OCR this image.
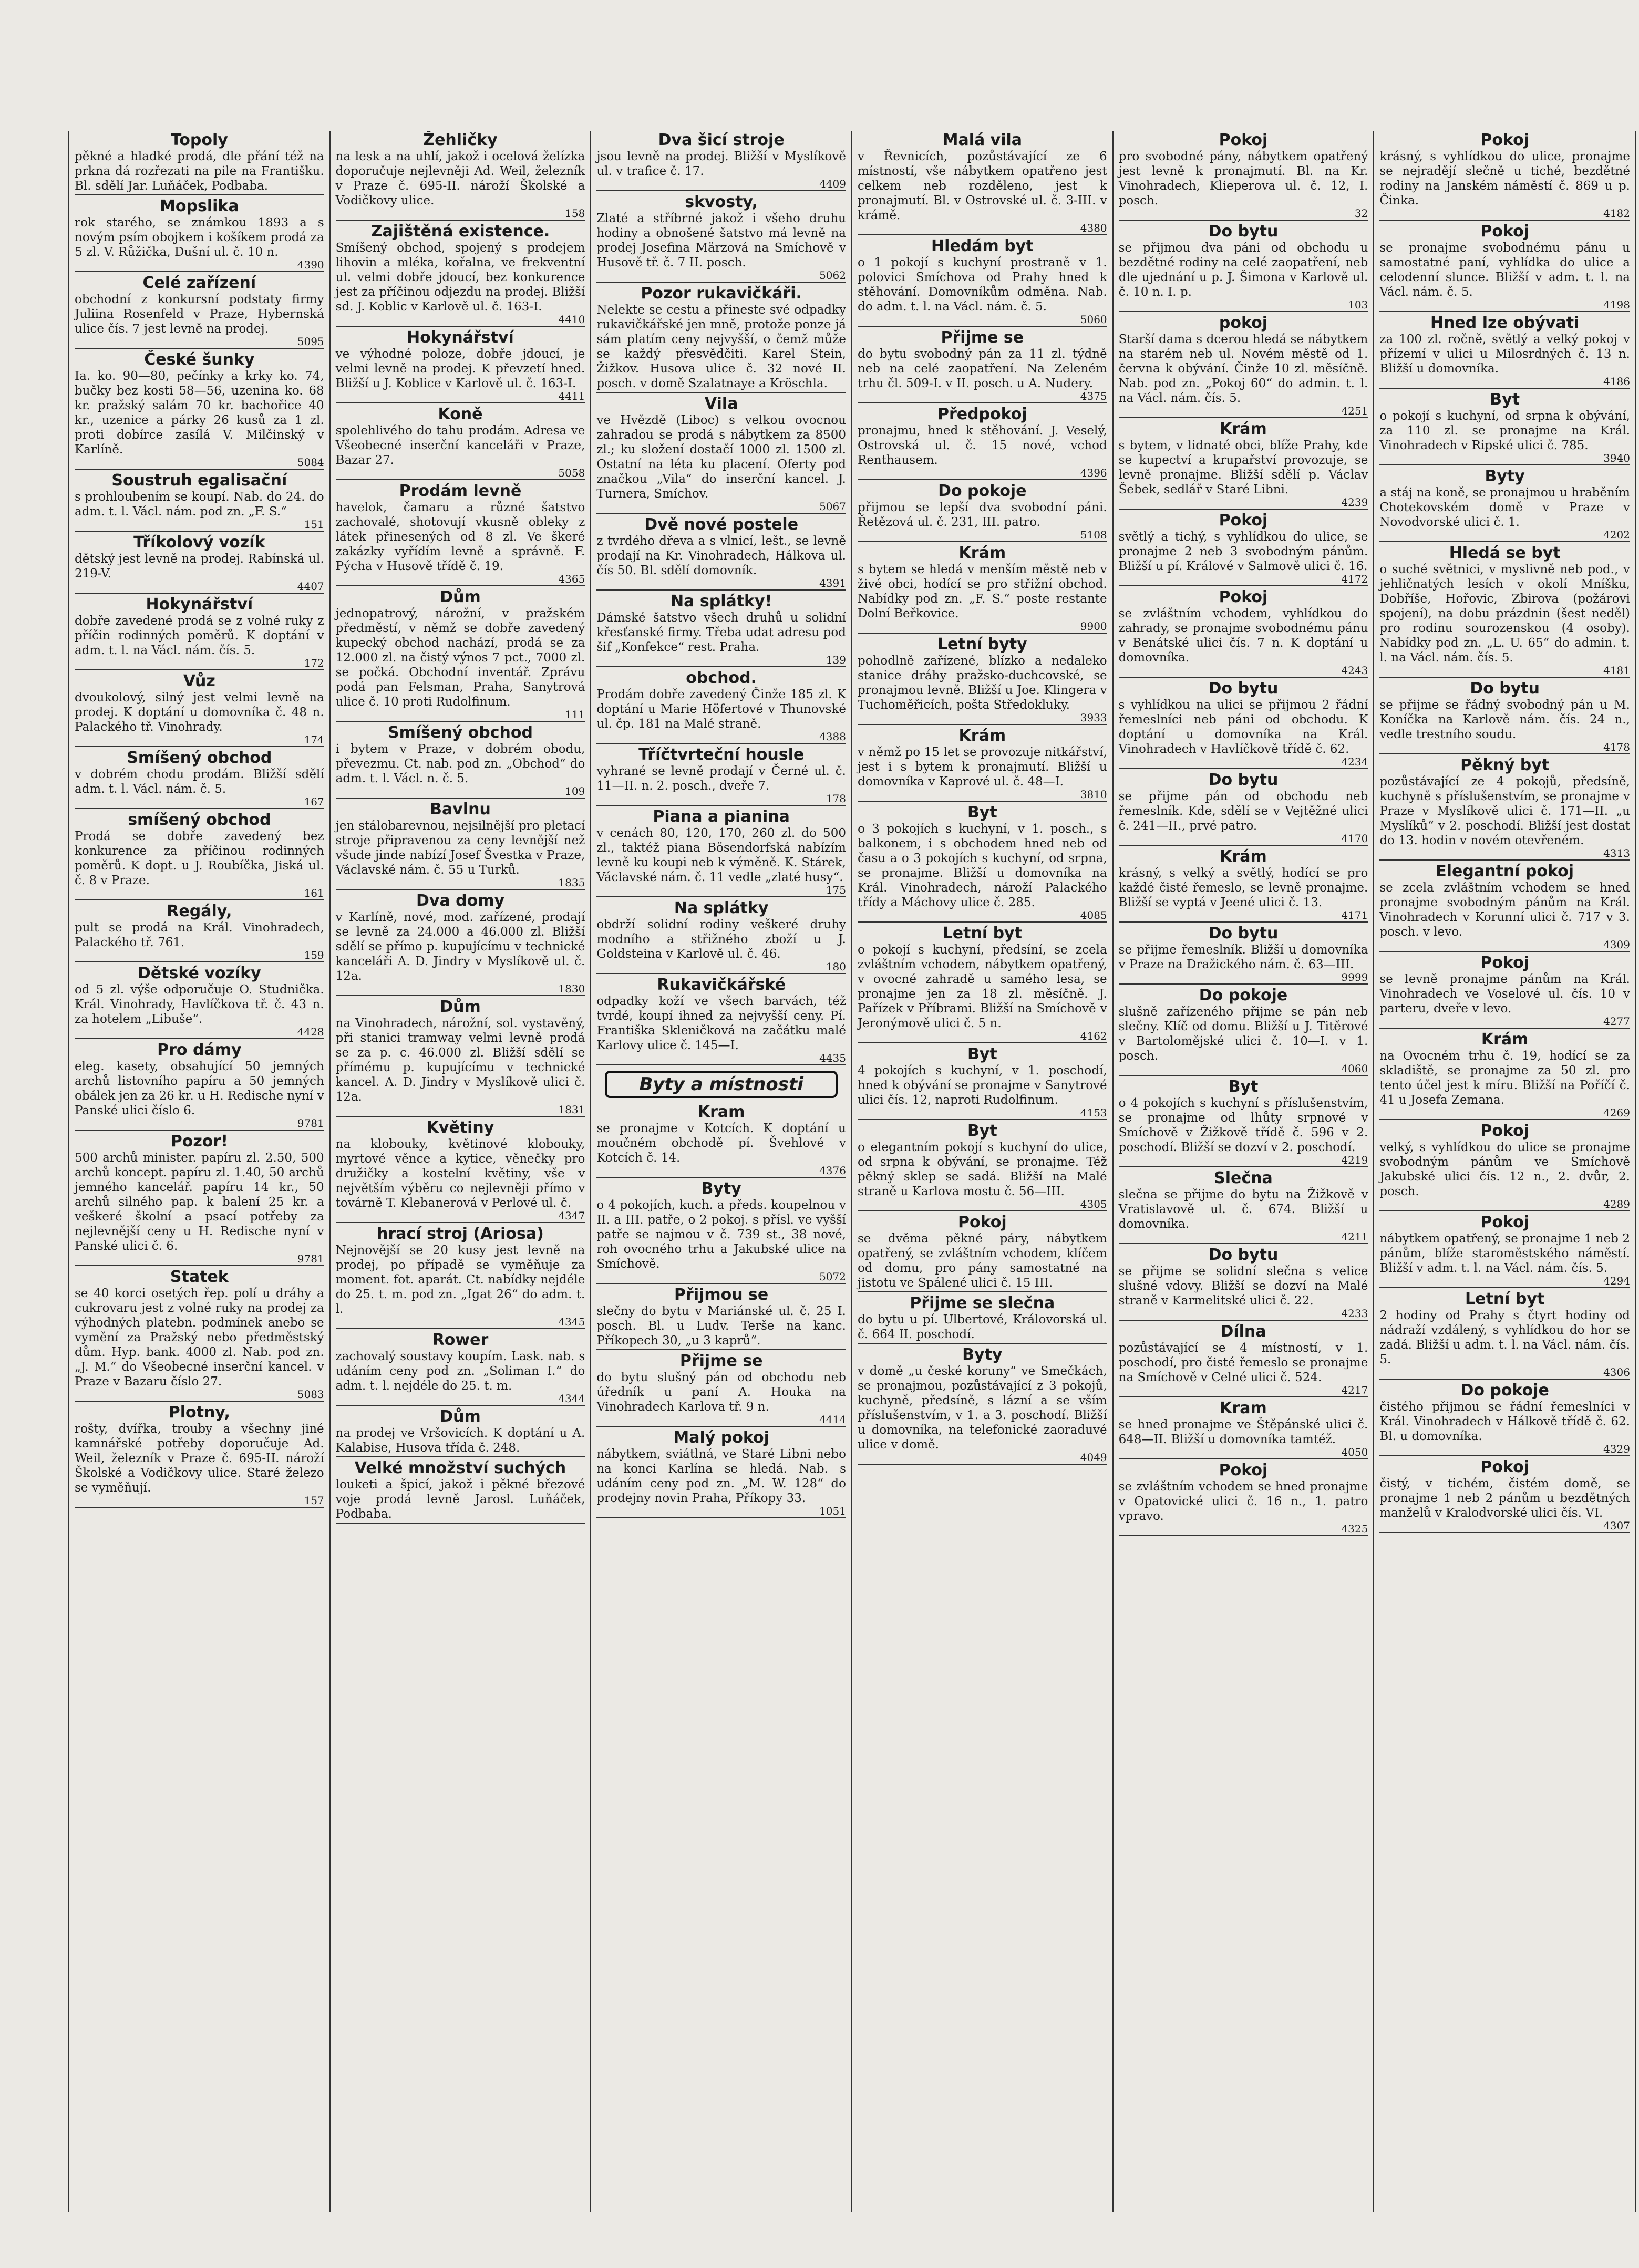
Topoly

pěkné a hladké prodá, dle přání též na prkna dá rozřezati na pile na Františku. Bl. sdělí Jar. Luňáček, Podbaba.

Mopslika

rok starého, se známkou 1893 a s novým psím obojkem i košíkem prodá za 5 zl. V. Růžička, Dušní ul. č. 10 n.

4390
Celé zařízení

obchodní z konkursní podstaty firmy Juliina Rosenfeld v Praze, Hybernská ulice čís. 7 jest levně na prodej.

5095
České šunky

Ia. ko. 90—80, pečínky a krky ko. 74, bučky bez kosti 58—56, uzenina ko. 68 kr. pražský salám 70 kr. bachořice 40 kr., uzenice a párky 26 kusů za 1 zl. proti dobírce zasílá V. Milčinský v Karlíně.

5084
Soustruh egalisační

s prohloubením se koupí. Nab. do 24. do adm. t. l. Václ. nám. pod zn. „F. S.“

151
Tříkolový vozík

dětský jest levně na prodej. Rabínská ul. 219-V.

4407
Hokynářství

dobře zavedené prodá se z volné ruky z příčin rodinných poměrů. K doptání v adm. t. l. na Václ. nám. čís. 5.

172
Vůz

dvoukolový, silný jest velmi levně na prodej. K doptání u domovníka č. 48 n. Palackého tř. Vinohrady.

174
Smíšený obchod

v dobrém chodu prodám. Bližší sdělí adm. t. l. Václ. nám. č. 5.

167
smíšený obchod

Prodá se dobře zavedený bez konkurence za příčinou rodinných poměrů. K dopt. u J. Roubíčka, Jiská ul. č. 8 v Praze.

161
Regály,

pult se prodá na Král. Vinohradech, Palackého tř. 761.

159
Dětské vozíky

od 5 zl. výše odporučuje O. Studnička. Král. Vinohrady, Havlíčkova tř. č. 43 n. za hotelem „Libuše“.

4428
Pro dámy

eleg. kasety, obsahující 50 jemných archů listovního papíru a 50 jemných obálek jen za 26 kr. u H. Redische nyní v Panské ulici číslo 6.

9781
Pozor!

500 archů minister. papíru zl. 2.50, 500 archů koncept. papíru zl. 1.40, 50 archů jemného kancelář. papíru 14 kr., 50 archů silného pap. k balení 25 kr. a veškeré školní a psací potřeby za nejlevnější ceny u H. Redische nyní v Panské ulici č. 6.

9781
Statek

se 40 korci osetých řep. polí u dráhy a cukrovaru jest z volné ruky na prodej za výhodných platebn. podmínek anebo se vymění za Pražský nebo předměstský dům. Hyp. bank. 4000 zl. Nab. pod zn. „J. M.“ do Všeobecné inserční kancel. v Praze v Bazaru číslo 27.

5083
Plotny,

rošty, dvířka, trouby a všechny jiné kamnářské potřeby doporučuje Ad. Weil, železník v Praze č. 695-II. nároží Školské a Vodičkovy ulice. Staré železo se vyměňují.

157
Žehličky

na lesk a na uhlí, jakož i ocelová želízka doporučuje nejlevněji Ad. Weil, železník v Praze č. 695-II. nároží Školské a Vodičkovy ulice.

158
Zajištěná existence.

Smíšený obchod, spojený s prodejem lihovin a mléka, kořalna, ve frekventní ul. velmi dobře jdoucí, bez konkurence jest za příčinou odjezdu na prodej. Bližší sd. J. Koblic v Karlově ul. č. 163-I.

4410
Hokynářství

ve výhodné poloze, dobře jdoucí, je velmi levně na prodej. K převzetí hned. Bližší u J. Koblice v Karlově ul. č. 163-I.

4411
Koně

spolehlivého do tahu prodám. Adresa ve Všeobecné inserční kanceláři v Praze, Bazar 27.

5058
Prodám levně

havelok, čamaru a různé šatstvo zachovalé, shotovují vkusně obleky z látek přinesených od 8 zl. Ve škeré zakázky vyřídím levně a správně. F. Pýcha v Husově třídě č. 19.

4365
Dům

jednopatrový, nárožní, v pražském předměstí, v němž se dobře zavedený kupecký obchod nachází, prodá se za 12.000 zl. na čistý výnos 7 pct., 7000 zl. se počká. Obchodní inventář. Zprávu podá pan Felsman, Praha, Sanytrová ulice č. 10 proti Rudolfinum.

111
Smíšený obchod

i bytem v Praze, v dobrém obodu, převezmu. Ct. nab. pod zn. „Obchod“ do adm. t. l. Václ. n. č. 5.

109
Bavlnu

jen stálobarevnou, nejsilnější pro pletací stroje připravenou za ceny levnější než všude jinde nabízí Josef Švestka v Praze, Václavské nám. č. 55 u Turků.

1835
Dva domy

v Karlíně, nové, mod. zařízené, prodají se levně za 24.000 a 46.000 zl. Bližší sdělí se přímo p. kupujícímu v technické kanceláři A. D. Jindry v Myslíkově ul. č. 12a.

1830
Dům

na Vinohradech, nárožní, sol. vystavěný, při stanici tramway velmi levně prodá se za p. c. 46.000 zl. Bližší sdělí se přímému p. kupujícímu v technické kancel. A. D. Jindry v Myslíkově ulici č. 12a.

1831
Květiny

na klobouky, květinové klobouky, myrtové věnce a kytice, věnečky pro družičky a kostelní květiny, vše v největším výběru co nejlevněji přímo v továrně T. Klebanerová v Perlové ul. č.

4347
hrací stroj (Ariosa)

Nejnovější se 20 kusy jest levně na prodej, po případě se vyměňuje za moment. fot. aparát. Ct. nabídky nejdéle do 25. t. m. pod zn. „Igat 26“ do adm. t. l.

4345
Rower

zachovalý soustavy koupím. Lask. nab. s udáním ceny pod zn. „Soliman I.“ do adm. t. l. nejdéle do 25. t. m.

4344
Dům

na prodej ve Vršovicích. K doptání u A. Kalabise, Husova třída č. 248.

Velké množství suchých

louketi a špicí, jakož i pěkné březové voje prodá levně Jarosl. Luňáček, Podbaba.

Dva šicí stroje

jsou levně na prodej. Bližší v Myslíkově ul. v trafice č. 17.

4409
skvosty,

Zlaté a stříbrné jakož i všeho druhu hodiny a obnošené šatstvo má levně na prodej Josefina Märzová na Smíchově v Husově tř. č. 7 II. posch.

5062
Pozor rukavičkáři.

Nelekte se cestu a přineste své odpadky rukavičkářské jen mně, protože ponze já sám platím ceny nejvyšší, o čemž může se každý přesvědčiti. Karel Stein, Žižkov. Husova ulice č. 32 nové II. posch. v domě Szalatnaye a Kröschla.

Vila

ve Hvězdě (Liboc) s velkou ovocnou zahradou se prodá s nábytkem za 8500 zl.; ku složení dostačí 1000 zl. 1500 zl. Ostatní na léta ku placení. Oferty pod značkou „Vila“ do inserční kancel. J. Turnera, Smíchov.

5067
Dvě nové postele

z tvrdého dřeva a s vlnicí, lešt., se levně prodají na Kr. Vinohradech, Hálkova ul. čís 50. Bl. sdělí domovník.

4391
Na splátky!

Dámské šatstvo všech druhů u solidní křesťanské firmy. Třeba udat adresu pod šif „Konfekce“ rest. Praha.

139
obchod.

Prodám dobře zavedený Činže 185 zl. K doptání u Marie Höfertové v Thunovské ul. čp. 181 na Malé straně.

4388
Tříčtvrteční housle

vyhrané se levně prodají v Černé ul. č. 11—II. n. 2. posch., dveře 7.

178
Piana a pianina

v cenách 80, 120, 170, 260 zl. do 500 zl., taktéž piana Bösendorfská nabízím levně ku koupi neb k výměně. K. Stárek, Václavské nám. č. 11 vedle „zlaté husy“.

175
Na splátky

obdrží solidní rodiny veškeré druhy modního a střižného zboží u J. Goldsteina v Karlově ul. č. 46.

180
Rukavičkářské

odpadky koží ve všech barvách, též tvrdé, koupí ihned za nejvyšší ceny. Pí. Františka Skleničková na začátku malé Karlovy ulice č. 145—I.

4435
Byty a místnosti
Kram

se pronajme v Kotcích. K doptání u moučném obchodě pí. Švehlové v Kotcích č. 14.

4376
Byty

o 4 pokojích, kuch. a předs. koupelnou v II. a III. patře, o 2 pokoj. s přísl. ve vyšší patře se najmou v č. 739 st., 38 nové, roh ovocného trhu a Jakubské ulice na Smíchově.

5072
Přijmou se

slečny do bytu v Mariánské ul. č. 25 I. posch. Bl. u Ludv. Terše na kanc. Příkopech 30, „u 3 kaprů“.

Přijme se

do bytu slušný pán od obchodu neb úředník u paní A. Houka na Vinohradech Karlova tř. 9 n.

4414
Malý pokoj

nábytkem, sviátlná, ve Staré Libni nebo na konci Karlína se hledá. Nab. s udáním ceny pod zn. „M. W. 128“ do prodejny novin Praha, Příkopy 33.

1051
Malá vila

v Řevnicích, pozůstávající ze 6 místností, vše nábytkem opatřeno jest celkem neb rozděleno, jest k pronajmutí. Bl. v Ostrovské ul. č. 3-III. v krámě.

4380
Hledám byt

o 1 pokojí s kuchyní prostraně v 1. polovici Smíchova od Prahy hned k stěhování. Domovníkům odměna. Nab. do adm. t. l. na Václ. nám. č. 5.

5060
Přijme se

do bytu svobodný pán za 11 zl. týdně neb na celé zaopatření. Na Zeleném trhu čl. 509-I. v II. posch. u A. Nudery.

4375
Předpokoj

pronajmu, hned k stěhování. J. Veselý, Ostrovská ul. č. 15 nové, vchod Renthausem.

4396
Do pokoje

přijmou se lepší dva svobodní páni. Řetězová ul. č. 231, III. patro.

5108
Krám

s bytem se hledá v menším městě neb v živé obci, hodící se pro střižní obchod. Nabídky pod zn. „F. S.“ poste restante Dolní Beřkovice.

9900
Letní byty

pohodlně zařízené, blízko a nedaleko stanice dráhy pražsko-duchcovské, se pronajmou levně. Bližší u Joe. Klingera v Tuchoměřicích, pošta Středokluky.

3933
Krám

v němž po 15 let se provozuje nitkářství, jest i s bytem k pronajmutí. Bližší u domovníka v Kaprové ul. č. 48—I.

3810
Byt

o 3 pokojích s kuchyní, v 1. posch., s balkonem, i s obchodem hned neb od času a o 3 pokojích s kuchyní, od srpna, se pronajme. Bližší u domovníka na Král. Vinohradech, nároží Palackého třídy a Máchovy ulice č. 285.

4085
Letní byt

o pokojí s kuchyní, předsíní, se zcela zvláštním vchodem, nábytkem opatřený, v ovocné zahradě u samého lesa, se pronajme jen za 18 zl. měsíčně. J. Pařízek v Příbrami. Bližší na Smíchově v Jeronýmově ulici č. 5 n.

4162
Byt

4 pokojích s kuchyní, v 1. poschodí, hned k obývání se pronajme v Sanytrové ulici čís. 12, naproti Rudolfinum.

4153
Byt

o elegantním pokojí s kuchyní do ulice, od srpna k obývání, se pronajme. Též pěkný sklep se sadá. Bližší na Malé straně u Karlova mostu č. 56—III.

4305
Pokoj

se dvěma pěkné páry, nábytkem opatřený, se zvláštním vchodem, klíčem od domu, pro pány samostatné na jistotu ve Spálené ulici č. 15 III.

Přijme se slečna

do bytu u pí. Ulbertové, Královorská ul. č. 664 II. poschodí.

Byty

v domě „u české koruny“ ve Smečkách, se pronajmou, pozůstávající z 3 pokojů, kuchyně, předsíně, s lázní a se vším příslušenstvím, v 1. a 3. poschodí. Bližší u domovníka, na telefonické zaoraduvé ulice v domě.

4049
Pokoj

pro svobodné pány, nábytkem opatřený jest levně k pronajmutí. Bl. na Kr. Vinohradech, Klieperova ul. č. 12, I. posch.

32
Do bytu

se přijmou dva páni od obchodu u bezdětné rodiny na celé zaopatření, neb dle ujednání u p. J. Šimona v Karlově ul. č. 10 n. I. p.

103
pokoj

Starší dama s dcerou hledá se nábytkem na starém neb ul. Novém městě od 1. června k obývání. Činže 10 zl. měsíčně. Nab. pod zn. „Pokoj 60“ do admin. t. l. na Václ. nám. čís. 5.

4251
Krám

s bytem, v lidnaté obci, blíže Prahy, kde se kupectví a krupařství provozuje, se levně pronajme. Bližší sdělí p. Václav Šebek, sedlář v Staré Libni.

4239
Pokoj

světlý a tichý, s vyhlídkou do ulice, se pronajme 2 neb 3 svobodným pánům. Bližší u pí. Králové v Salmově ulici č. 16.

4172
Pokoj

se zvláštním vchodem, vyhlídkou do zahrady, se pronajme svobodnému pánu v Benátské ulici čís. 7 n. K doptání u domovníka.

4243
Do bytu

s vyhlídkou na ulici se přijmou 2 řádní řemeslníci neb páni od obchodu. K doptání u domovníka na Král. Vinohradech v Havlíčkově třídě č. 62.

4234
Do bytu

se přijme pán od obchodu neb řemeslník. Kde, sdělí se v Vejtěžné ulici č. 241—II., prvé patro.

4170
Krám

krásný, s velký a světlý, hodící se pro každé čisté řemeslo, se levně pronajme. Bližší se vyptá v Jeené ulici č. 13.

4171
Do bytu

se přijme řemeslník. Bližší u domovníka v Praze na Dražického nám. č. 63—III.

9999
Do pokoje

slušně zařízeného přijme se pán neb slečny. Klíč od domu. Bližší u J. Titěrové v Bartolomějské ulici č. 10—I. v 1. posch.

4060
Byt

o 4 pokojích s kuchyní s příslušenstvím, se pronajme od lhůty srpnové v Smíchově v Žižkově třídě č. 596 v 2. poschodí. Bližší se dozví v 2. poschodí.

4219
Slečna

slečna se přijme do bytu na Žižkově v Vratislavově ul. č. 674. Bližší u domovníka.

4211
Do bytu

se přijme se solidní slečna s velice slušné vdovy. Bližší se dozví na Malé straně v Karmelitské ulici č. 22.

4233
Dílna

pozůstávající se 4 místností, v 1. poschodí, pro čisté řemeslo se pronajme na Smíchově v Celné ulici č. 524.

4217
Kram

se hned pronajme ve Štěpánské ulici č. 648—II. Bližší u domovníka tamtéž.

4050
Pokoj

se zvláštním vchodem se hned pronajme v Opatovické ulici č. 16 n., 1. patro vpravo.

4325
Pokoj

krásný, s vyhlídkou do ulice, pronajme se nejradějí slečně u tiché, bezdětné rodiny na Janském náměstí č. 869 u p. Činka.

4182
Pokoj

se pronajme svobodnému pánu u samostatné paní, vyhlídka do ulice a celodenní slunce. Bližší v adm. t. l. na Václ. nám. č. 5.

4198
Hned lze obývati

za 100 zl. ročně, světlý a velký pokoj v přízemí v ulici u Milosrdných č. 13 n. Bližší u domovníka.

4186
Byt

o pokojí s kuchyní, od srpna k obývání, za 110 zl. se pronajme na Král. Vinohradech v Ripské ulici č. 785.

3940
Byty

a stáj na koně, se pronajmou u hraběním Chotekovském domě v Praze v Novodvorské ulici č. 1.

4202
Hledá se byt

o suché světnici, v myslivně neb pod., v jehličnatých lesích v okolí Mníšku, Dobříše, Hořovic, Zbirova (požárovi spojení), na dobu prázdnin (šest neděl) pro rodinu sourozenskou (4 osoby). Nabídky pod zn. „L. U. 65“ do admin. t. l. na Václ. nám. čís. 5.

4181
Do bytu

se přijme se řádný svobodný pán u M. Koníčka na Karlově nám. čís. 24 n., vedle trestního soudu.

4178
Pěkný byt

pozůstávající ze 4 pokojů, předsíně, kuchyně s příslušenstvím, se pronajme v Praze v Myslíkově ulici č. 171—II. „u Myslíků“ v 2. poschodí. Bližší jest dostat do 13. hodin v novém otevřeném.

4313
Elegantní pokoj

se zcela zvláštním vchodem se hned pronajme svobodným pánům na Král. Vinohradech v Korunní ulici č. 717 v 3. posch. v levo.

4309
Pokoj

se levně pronajme pánům na Král. Vinohradech ve Voselové ul. čís. 10 v parteru, dveře v levo.

4277
Krám

na Ovocném trhu č. 19, hodící se za skladiště, se pronajme za 50 zl. pro tento účel jest k míru. Bližší na Poříčí č. 41 u Josefa Zemana.

4269
Pokoj

velký, s vyhlídkou do ulice se pronajme svobodným pánům ve Smíchově Jakubské ulici čís. 12 n., 2. dvůr, 2. posch.

4289
Pokoj

nábytkem opatřený, se pronajme 1 neb 2 pánům, blíže staroměstského náměstí. Bližší v adm. t. l. na Václ. nám. čís. 5.

4294
Letní byt

2 hodiny od Prahy s čtyrt hodiny od nádraží vzdálený, s vyhlídkou do hor se zadá. Bližší u adm. t. l. na Václ. nám. čís. 5.

4306
Do pokoje

čistého přijmou se řádní řemeslníci v Král. Vinohradech v Hálkově třídě č. 62. Bl. u domovníka.

4329
Pokoj

čistý, v tichém, čistém domě, se pronajme 1 neb 2 pánům u bezdětných manželů v Kralodvorské ulici čís. VI.

4307
